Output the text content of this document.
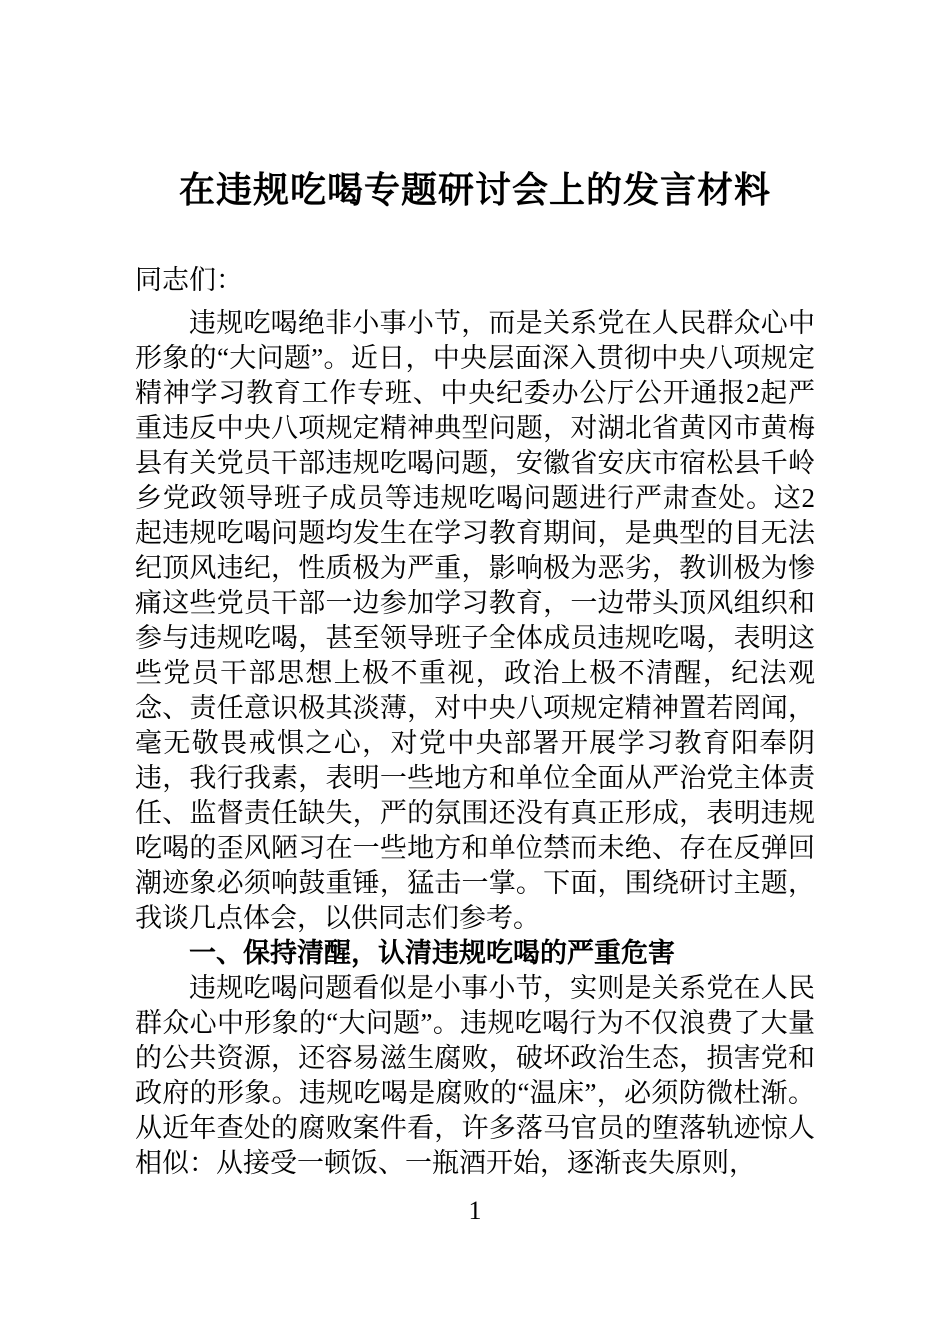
在违规吃喝专题研讨会上的发言材料

同志们：

违规吃喝绝非小事小节，而是关系党在人民群众心中形象的“大问题”。近日，中央层面深入贯彻中央八项规定精神学习教育工作专班、中央纪委办公厅公开通报2起严重违反中央八项规定精神典型问题，对湖北省黄冈市黄梅县有关党员干部违规吃喝问题，安徽省安庆市宿松县千岭乡党政领导班子成员等违规吃喝问题进行严肃查处。这2起违规吃喝问题均发生在学习教育期间，是典型的目无法纪顶风违纪，性质极为严重，影响极为恶劣，教训极为惨痛这些党员干部一边参加学习教育，一边带头顶风组织和参与违规吃喝，甚至领导班子全体成员违规吃喝，表明这些党员干部思想上极不重视，政治上极不清醒，纪法观念、责任意识极其淡薄，对中央八项规定精神置若罔闻，毫无敬畏戒惧之心，对党中央部署开展学习教育阳奉阴违，我行我素，表明一些地方和单位全面从严治党主体责任、监督责任缺失，严的氛围还没有真正形成，表明违规吃喝的歪风陋习在一些地方和单位禁而未绝、存在反弹回潮迹象必须响鼓重锤，猛击一掌。下面，围绕研讨主题，我谈几点体会，以供同志们参考。

一、保持清醒，认清违规吃喝的严重危害

违规吃喝问题看似是小事小节，实则是关系党在人民群众心中形象的“大问题”。违规吃喝行为不仅浪费了大量的公共资源，还容易滋生腐败，破坏政治生态，损害党和政府的形象。违规吃喝是腐败的“温床”，必须防微杜渐。从近年查处的腐败案件看，许多落马官员的堕落轨迹惊人相似：从接受一顿饭、一瓶酒开始，逐渐丧失原则，

1
